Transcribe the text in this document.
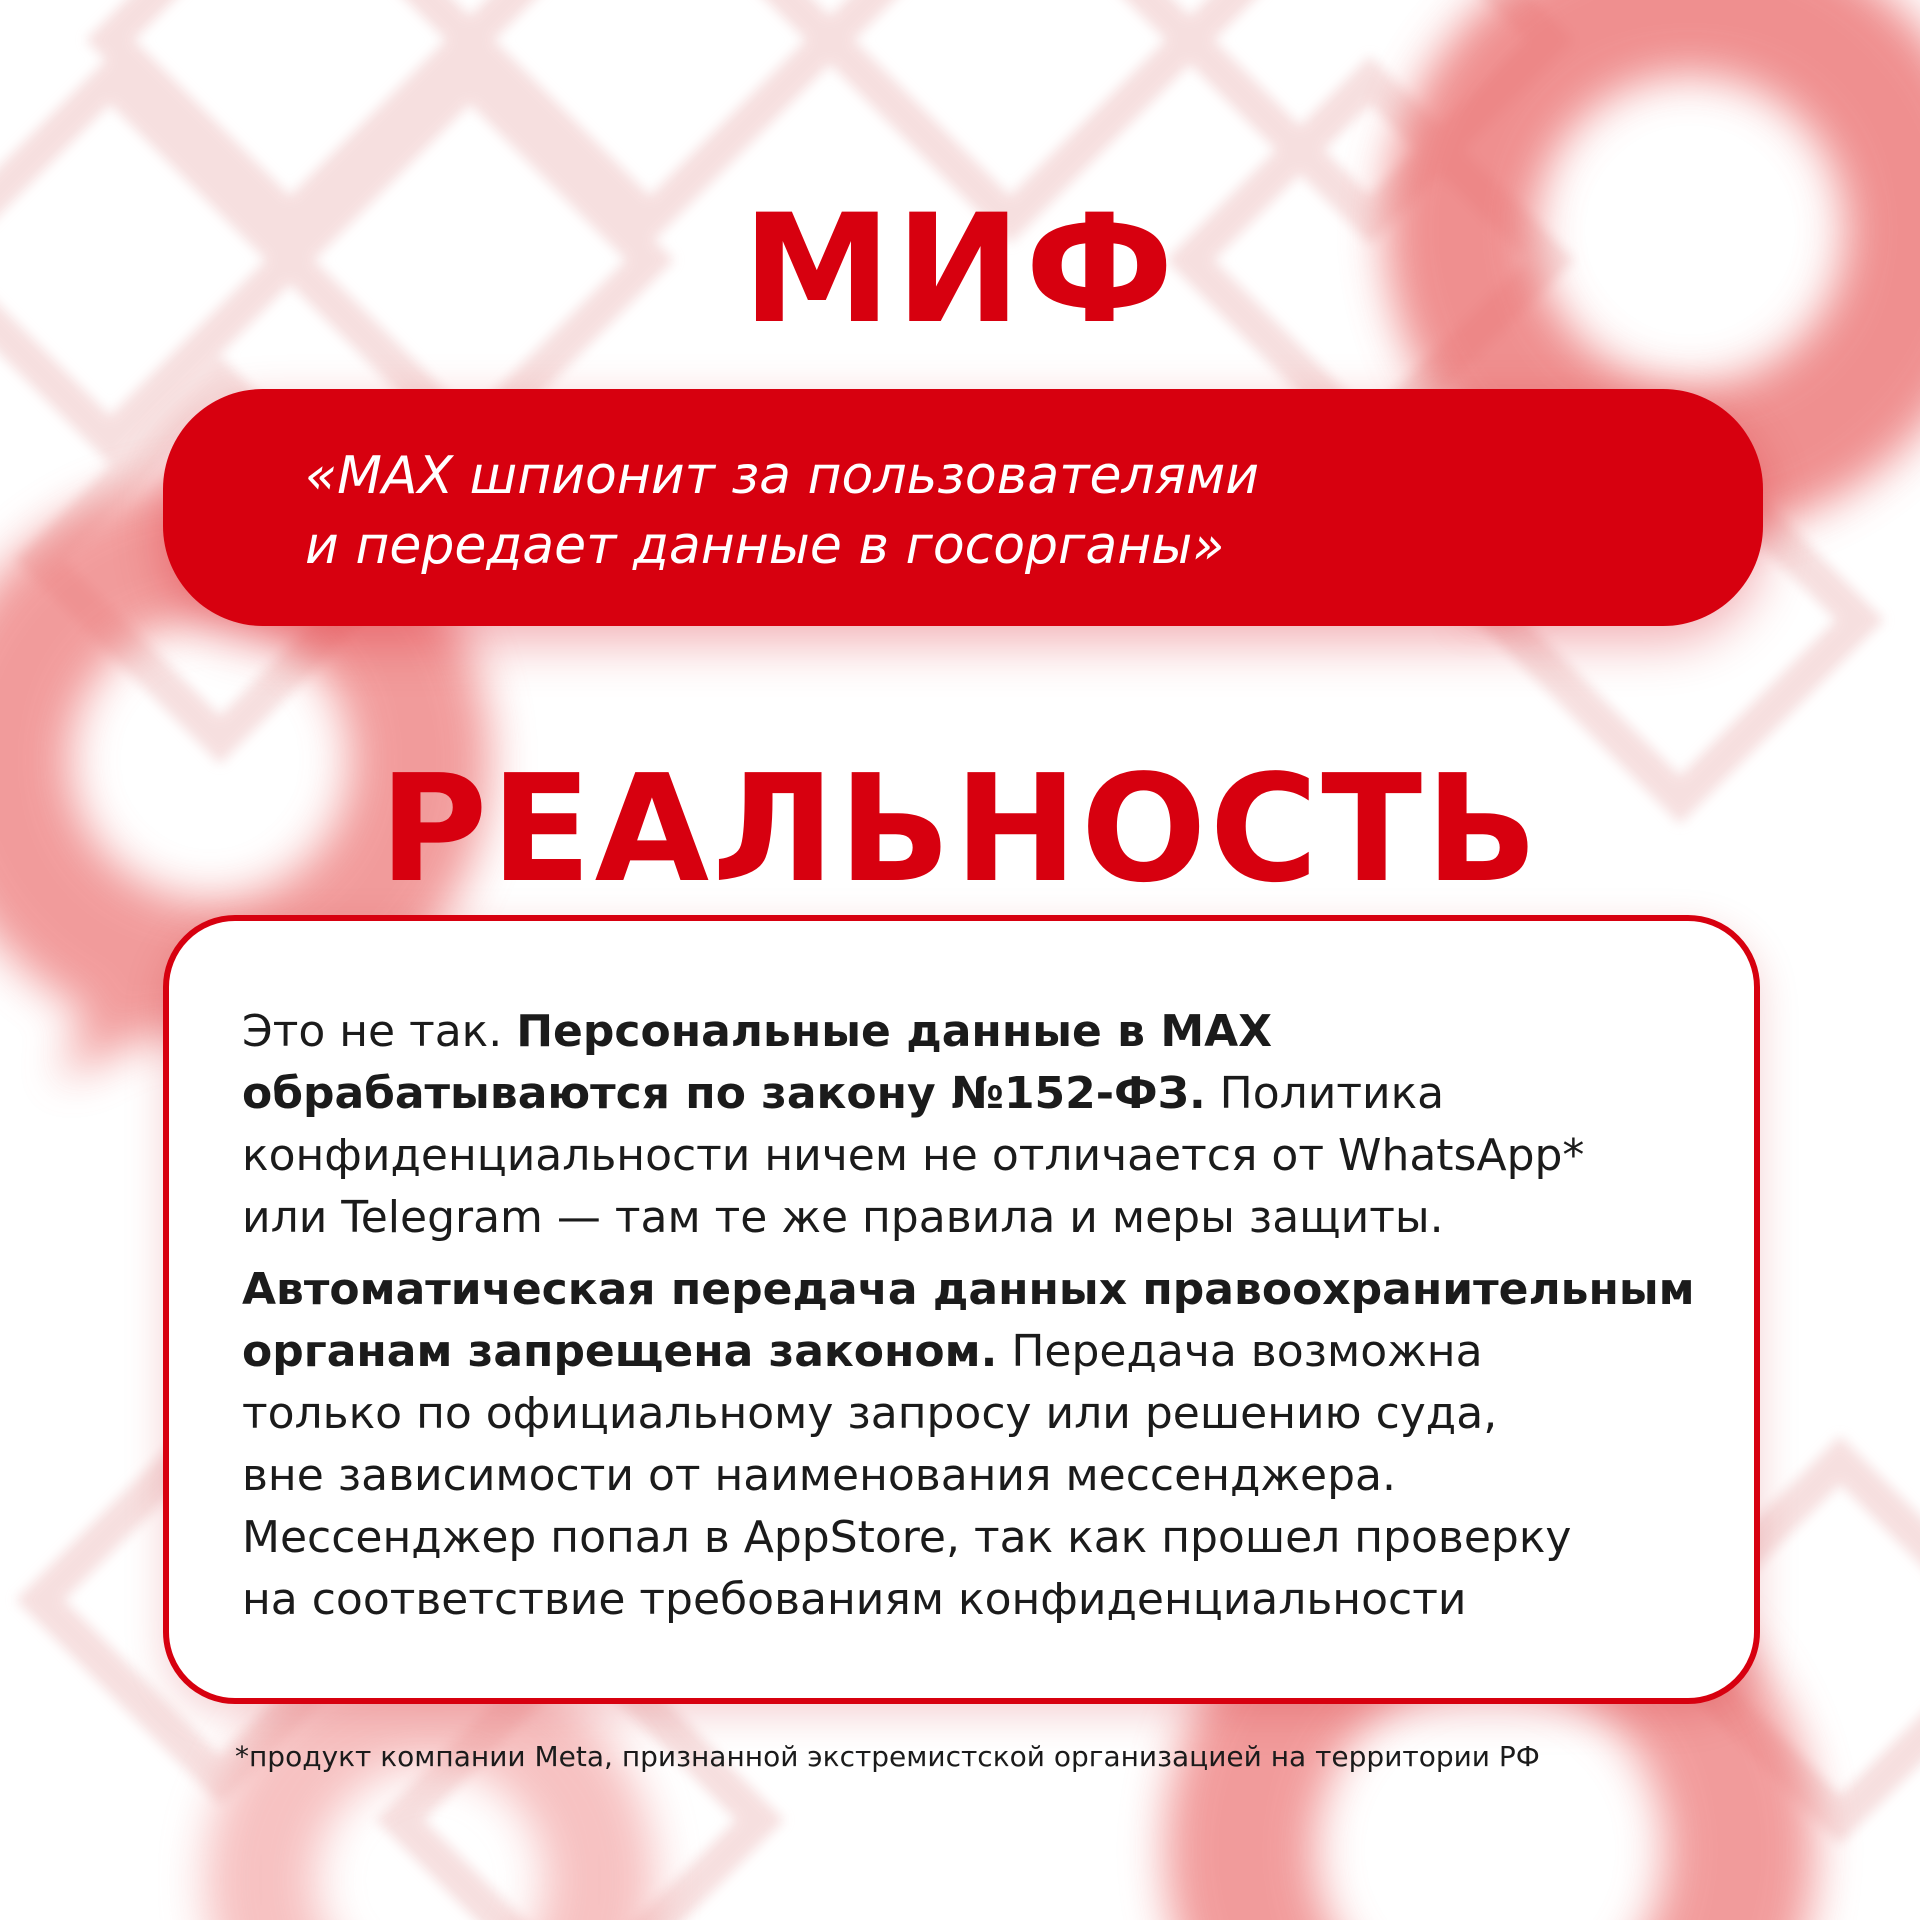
МИФ
«MAX шпионит за пользователями
и передает данные в госорганы»
РЕАЛЬНОСТЬ

Это не так. Персональные данные в MAX
обрабатываются по закону №152-ФЗ. Политика
конфиденциальности ничем не отличается от WhatsApp*
или Telegram — там те же правила и меры защиты.

Автоматическая передача данных правоохранительным
органам запрещена законом. Передача возможна
только по официальному запросу или решению суда,
вне зависимости от наименования мессенджера.
Мессенджер попал в AppStore, так как прошел проверку
на соответствие требованиям конфиденциальности

*продукт компании Meta, признанной экстремистской организацией на территории РФ
